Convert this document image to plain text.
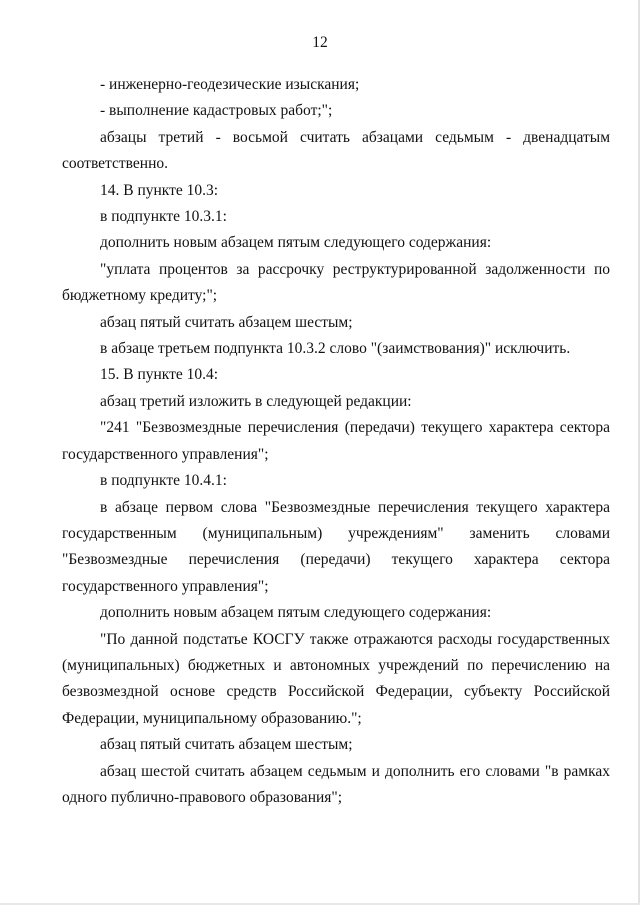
12

- инженерно-геодезические изыскания;

- выполнение кадастровых работ;";

абзацы третий - восьмой считать абзацами седьмым - двенадцатым соответственно.

14. В пункте 10.3:

в подпункте 10.3.1:

дополнить новым абзацем пятым следующего содержания:

"уплата процентов за рассрочку реструктурированной задолженности по бюджетному кредиту;";

абзац пятый считать абзацем шестым;

в абзаце третьем подпункта 10.3.2 слово "(заимствования)" исключить.

15. В пункте 10.4:

абзац третий изложить в следующей редакции:

"241 "Безвозмездные перечисления (передачи) текущего характера сектора государственного управления";

в подпункте 10.4.1:

в абзаце первом слова "Безвозмездные перечисления текущего характера государственным (муниципальным) учреждениям" заменить словами "Безвозмездные перечисления (передачи) текущего характера сектора государственного управления";

дополнить новым абзацем пятым следующего содержания:

"По данной подстатье КОСГУ также отражаются расходы государственных (муниципальных) бюджетных и автономных учреждений по перечислению на безвозмездной основе средств Российской Федерации, субъекту Российской Федерации, муниципальному образованию.";

абзац пятый считать абзацем шестым;

абзац шестой считать абзацем седьмым и дополнить его словами "в рамках одного публично-правового образования";
